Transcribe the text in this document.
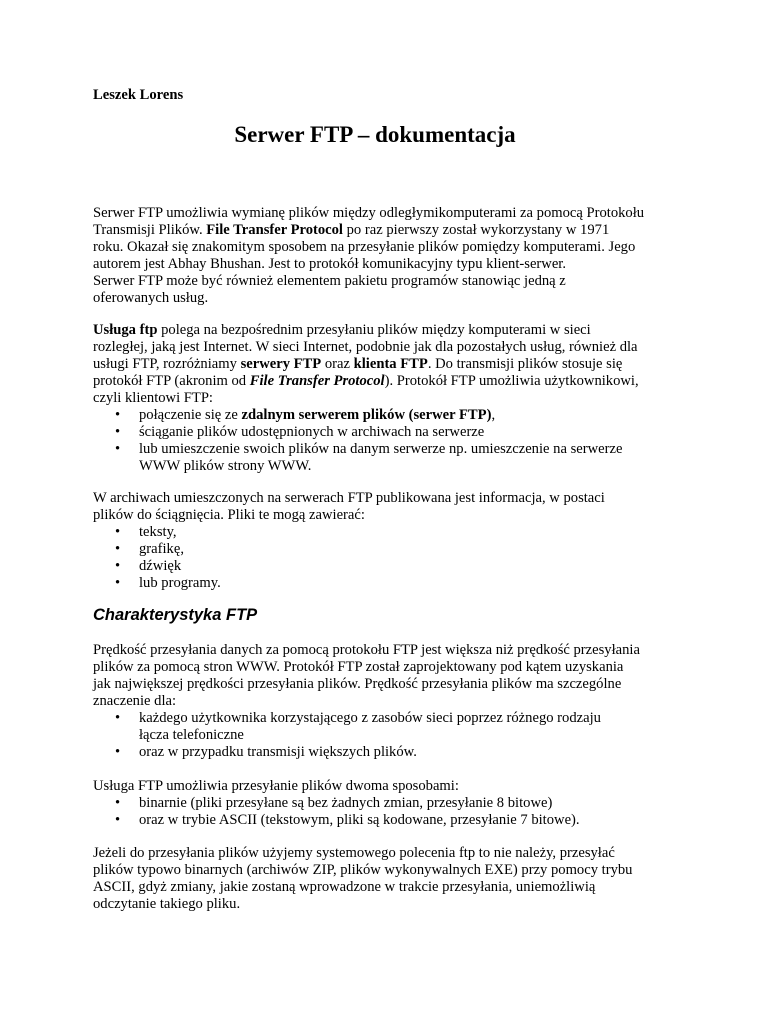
Leszek Lorens
Serwer FTP – dokumentacja

Serwer FTP umożliwia wymianę plików między odległymikomputerami za pomocą Protokołu

Transmisji Plików. File Transfer Protocol po raz pierwszy został wykorzystany w 1971

roku. Okazał się znakomitym sposobem na przesyłanie plików pomiędzy komputerami. Jego

autorem jest Abhay Bhushan. Jest to protokół komunikacyjny typu klient-serwer.

Serwer FTP może być również elementem pakietu programów stanowiąc jedną z

oferowanych usług.

Usługa ftp polega na bezpośrednim przesyłaniu plików między komputerami w sieci

rozległej, jaką jest Internet. W sieci Internet, podobnie jak dla pozostałych usług, również dla

usługi FTP, rozróżniamy serwery FTP oraz klienta FTP. Do transmisji plików stosuje się

protokół FTP (akronim od File Transfer Protocol). Protokół FTP umożliwia użytkownikowi,

czyli klientowi FTP:

• połączenie się ze zdalnym serwerem plików (serwer FTP),
• ściąganie plików udostępnionych w archiwach na serwerze
• lub umieszczenie swoich plików na danym serwerze np. umieszczenie na serwerze
WWW plików strony WWW.

W archiwach umieszczonych na serwerach FTP publikowana jest informacja, w postaci

plików do ściągnięcia. Pliki te mogą zawierać:

• teksty,
• grafikę,
• dźwięk
• lub programy.
Charakterystyka FTP

Prędkość przesyłania danych za pomocą protokołu FTP jest większa niż prędkość przesyłania

plików za pomocą stron WWW. Protokół FTP został zaprojektowany pod kątem uzyskania

jak największej prędkości przesyłania plików. Prędkość przesyłania plików ma szczególne

znaczenie dla:

• każdego użytkownika korzystającego z zasobów sieci poprzez różnego rodzaju
łącza telefoniczne
• oraz w przypadku transmisji większych plików.

Usługa FTP umożliwia przesyłanie plików dwoma sposobami:

• binarnie (pliki przesyłane są bez żadnych zmian, przesyłanie 8 bitowe)
• oraz w trybie ASCII (tekstowym, pliki są kodowane, przesyłanie 7 bitowe).

Jeżeli do przesyłania plików użyjemy systemowego polecenia ftp to nie należy, przesyłać

plików typowo binarnych (archiwów ZIP, plików wykonywalnych EXE) przy pomocy trybu

ASCII, gdyż zmiany, jakie zostaną wprowadzone w trakcie przesyłania, uniemożliwią

odczytanie takiego pliku.
